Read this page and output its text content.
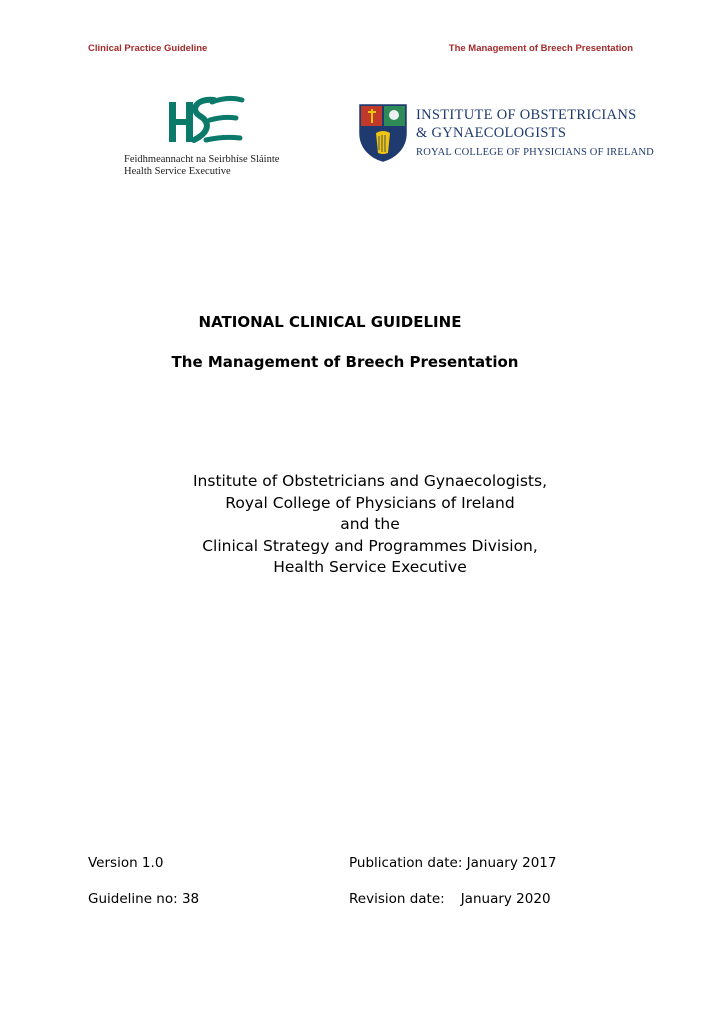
Clinical Practice Guideline	The Management of Breech Presentation
Feidhmeannacht na Seirbhíse Sláinte
Health Service Executive
INSTITUTE OF OBSTETRICIANS
& GYNAECOLOGISTS
ROYAL COLLEGE OF PHYSICIANS OF IRELAND
NATIONAL CLINICAL GUIDELINE
The Management of Breech Presentation
Institute of Obstetricians and Gynaecologists,
Royal College of Physicians of Ireland
and the
Clinical Strategy and Programmes Division,
Health Service Executive
Version 1.0	Publication date: January 2017
Guideline no: 38	Revision date: January 2020
